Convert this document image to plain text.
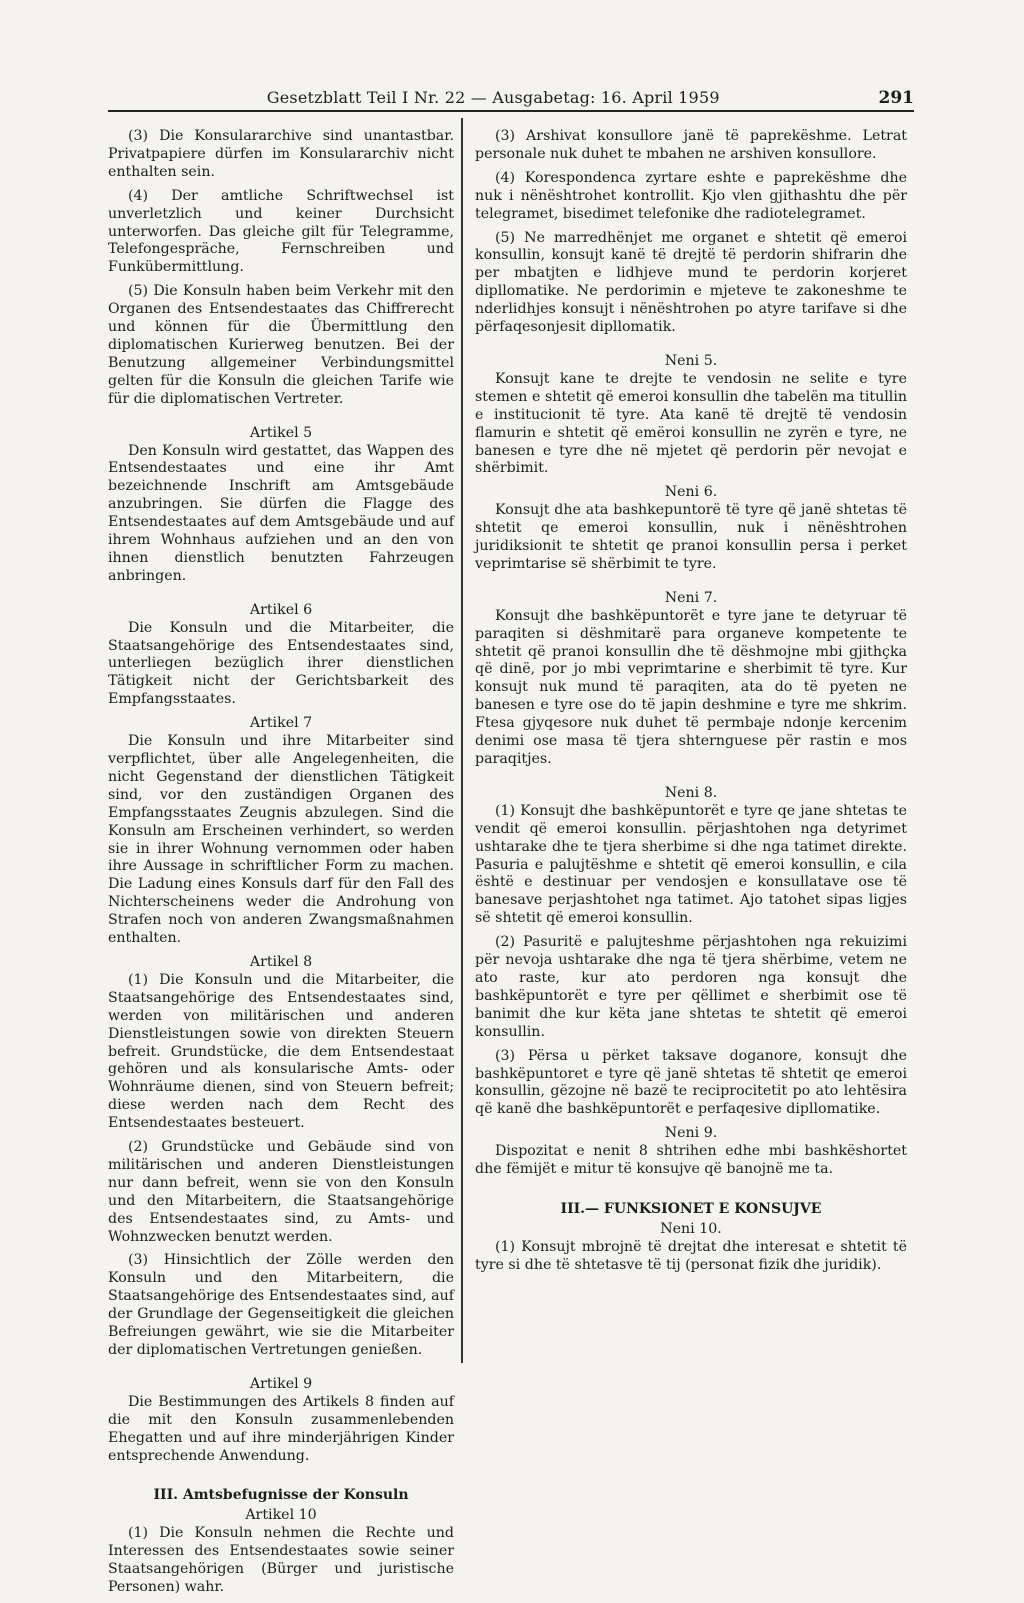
Gesetzblatt Teil I Nr. 22 — Ausgabetag: 16. April 1959	291

(3) Die Konsulararchive sind unantastbar. Privatpapiere dürfen im Konsulararchiv nicht enthalten sein.

(4) Der amtliche Schriftwechsel ist unverletzlich und keiner Durchsicht unterworfen. Das gleiche gilt für Telegramme, Telefongespräche, Fernschreiben und Funkübermittlung.

(5) Die Konsuln haben beim Verkehr mit den Organen des Entsendestaates das Chiffrerecht und können für die Übermittlung den diplomatischen Kurierweg benutzen. Bei der Benutzung allgemeiner Verbindungsmittel gelten für die Konsuln die gleichen Tarife wie für die diplomatischen Vertreter.

Artikel 5

Den Konsuln wird gestattet, das Wappen des Entsendestaates und eine ihr Amt bezeichnende Inschrift am Amtsgebäude anzubringen. Sie dürfen die Flagge des Entsendestaates auf dem Amtsgebäude und auf ihrem Wohnhaus aufziehen und an den von ihnen dienstlich benutzten Fahrzeugen anbringen.

Artikel 6

Die Konsuln und die Mitarbeiter, die Staatsangehörige des Entsendestaates sind, unterliegen bezüglich ihrer dienstlichen Tätigkeit nicht der Gerichtsbarkeit des Empfangsstaates.

Artikel 7

Die Konsuln und ihre Mitarbeiter sind verpflichtet, über alle Angelegenheiten, die nicht Gegenstand der dienstlichen Tätigkeit sind, vor den zuständigen Organen des Empfangsstaates Zeugnis abzulegen. Sind die Konsuln am Erscheinen verhindert, so werden sie in ihrer Wohnung vernommen oder haben ihre Aussage in schriftlicher Form zu machen. Die Ladung eines Konsuls darf für den Fall des Nichterscheinens weder die Androhung von Strafen noch von anderen Zwangsmaßnahmen enthalten.

Artikel 8

(1) Die Konsuln und die Mitarbeiter, die Staatsangehörige des Entsendestaates sind, werden von militärischen und anderen Dienstleistungen sowie von direkten Steuern befreit. Grundstücke, die dem Entsendestaat gehören und als konsularische Amts- oder Wohnräume dienen, sind von Steuern befreit; diese werden nach dem Recht des Entsendestaates besteuert.

(2) Grundstücke und Gebäude sind von militärischen und anderen Dienstleistungen nur dann befreit, wenn sie von den Konsuln und den Mitarbeitern, die Staatsangehörige des Entsendestaates sind, zu Amts- und Wohnzwecken benutzt werden.

(3) Hinsichtlich der Zölle werden den Konsuln und den Mitarbeitern, die Staatsangehörige des Entsendestaates sind, auf der Grundlage der Gegenseitigkeit die gleichen Befreiungen gewährt, wie sie die Mitarbeiter der diplomatischen Vertretungen genießen.

Artikel 9

Die Bestimmungen des Artikels 8 finden auf die mit den Konsuln zusammenlebenden Ehegatten und auf ihre minderjährigen Kinder entsprechende Anwendung.

III. Amtsbefugnisse der Konsuln

Artikel 10

(1) Die Konsuln nehmen die Rechte und Interessen des Entsendestaates sowie seiner Staatsangehörigen (Bürger und juristische Personen) wahr.

(3) Arshivat konsullore janë të paprekëshme. Letrat personale nuk duhet te mbahen ne arshiven konsullore.

(4) Korespondenca zyrtare eshte e paprekëshme dhe nuk i nënështrohet kontrollit. Kjo vlen gjithashtu dhe për telegramet, bisedimet telefonike dhe radiotelegramet.

(5) Ne marredhënjet me organet e shtetit që emeroi konsullin, konsujt kanë të drejtë të perdorin shifrarin dhe per mbatjten e lidhjeve mund te perdorin korjeret dipllomatike. Ne perdorimin e mjeteve te zakoneshme te nderlidhjes konsujt i nënështrohen po atyre tarifave si dhe përfaqesonjesit dipllomatik.

Neni 5.

Konsujt kane te drejte te vendosin ne selite e tyre stemen e shtetit që emeroi konsullin dhe tabelën ma titullin e institucionit të tyre. Ata kanë të drejtë të vendosin flamurin e shtetit që emëroi konsullin ne zyrën e tyre, ne banesen e tyre dhe në mjetet që perdorin për nevojat e shërbimit.

Neni 6.

Konsujt dhe ata bashkepuntorë të tyre që janë shtetas të shtetit qe emeroi konsullin, nuk i nënështrohen juridiksionit te shtetit qe pranoi konsullin persa i perket veprimtarise së shërbimit te tyre.

Neni 7.

Konsujt dhe bashkëpuntorët e tyre jane te detyruar të paraqiten si dëshmitarë para organeve kompetente te shtetit që pranoi konsullin dhe të dëshmojne mbi gjithçka që dinë, por jo mbi veprimtarine e sherbimit të tyre. Kur konsujt nuk mund të paraqiten, ata do të pyeten ne banesen e tyre ose do të japin deshmine e tyre me shkrim. Ftesa gjyqesore nuk duhet të permbaje ndonje kercenim denimi ose masa të tjera shternguese për rastin e mos paraqitjes.

Neni 8.

(1) Konsujt dhe bashkëpuntorët e tyre qe jane shtetas te vendit që emeroi konsullin. përjashtohen nga detyrimet ushtarake dhe te tjera sherbime si dhe nga tatimet direkte. Pasuria e palujtëshme e shtetit që emeroi konsullin, e cila është e destinuar per vendosjen e konsullatave ose të banesave perjashtohet nga tatimet. Ajo tatohet sipas ligjes së shtetit që emeroi konsullin.

(2) Pasuritë e palujteshme përjashtohen nga rekuizimi për nevoja ushtarake dhe nga të tjera shërbime, vetem ne ato raste, kur ato perdoren nga konsujt dhe bashkëpuntorët e tyre per qëllimet e sherbimit ose të banimit dhe kur këta jane shtetas te shtetit që emeroi konsullin.

(3) Përsa u përket taksave doganore, konsujt dhe bashkëpuntoret e tyre që janë shtetas të shtetit qe emeroi konsullin, gëzojne në bazë te reciprocitetit po ato lehtësira që kanë dhe bashkëpuntorët e perfaqesive dipllomatike.

Neni 9.

Dispozitat e nenit 8 shtrihen edhe mbi bashkëshortet dhe fëmijët e mitur të konsujve që banojnë me ta.

III.— FUNKSIONET E KONSUJVE

Neni 10.

(1) Konsujt mbrojnë të drejtat dhe interesat e shtetit të tyre si dhe të shtetasve të tij (personat fizik dhe juridik).
